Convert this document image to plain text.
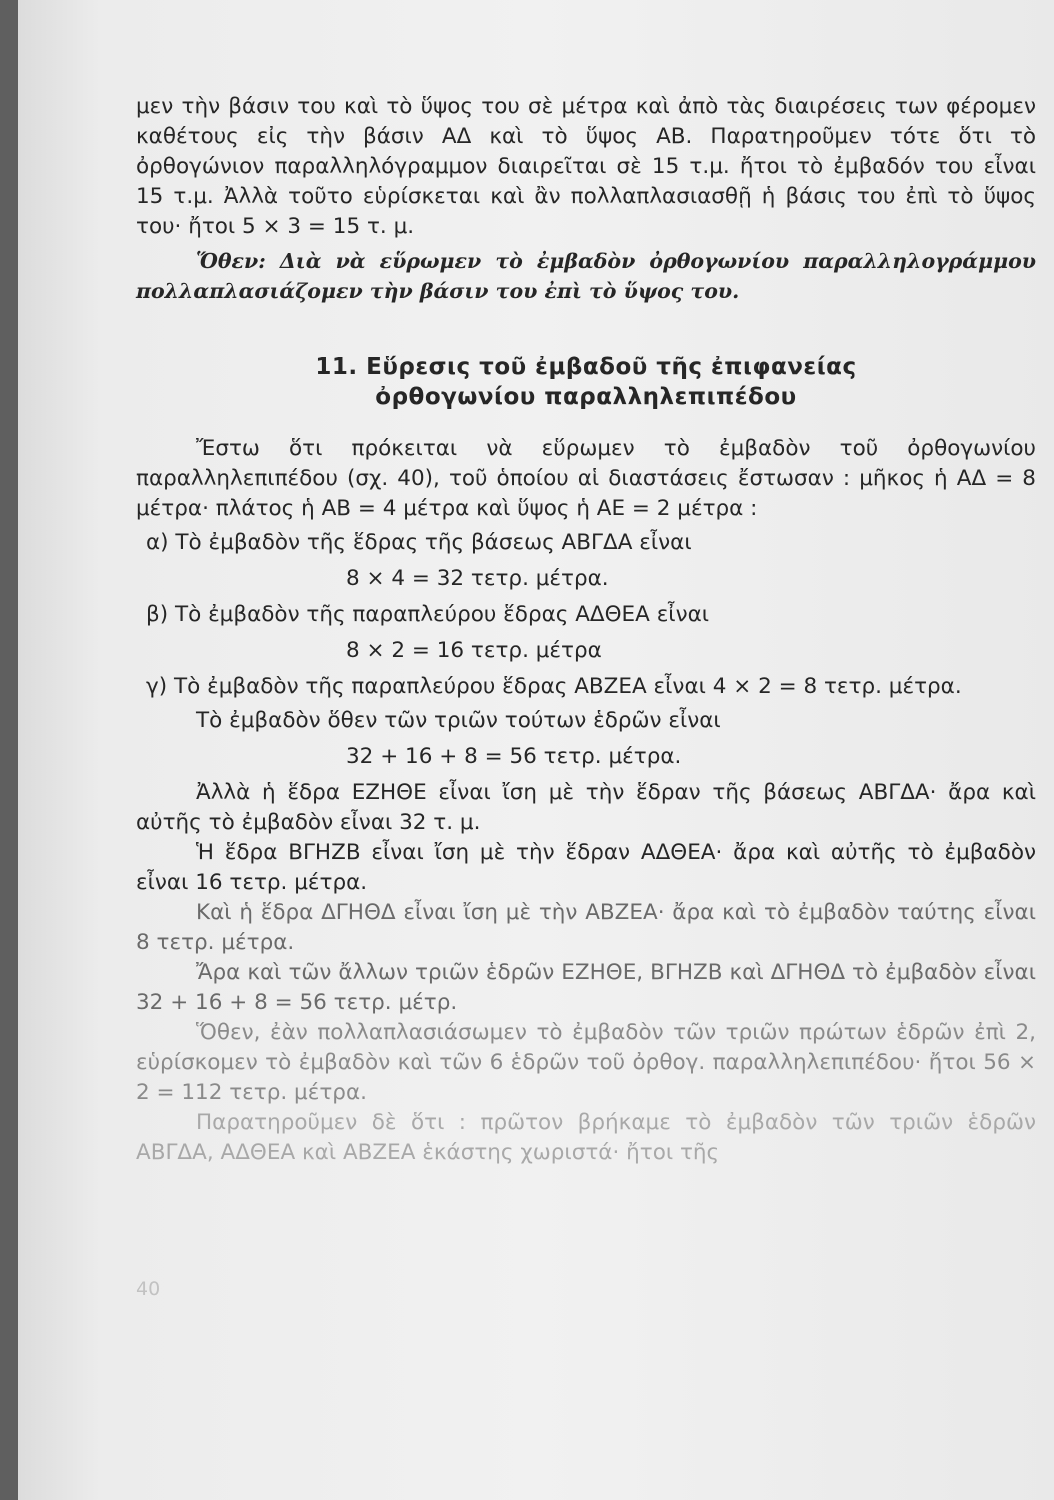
μεν τὴν βάσιν του καὶ τὸ ὕψος του σὲ μέτρα καὶ ἀπὸ τὰς διαιρέσεις των φέρομεν καθέτους εἰς τὴν βάσιν ΑΔ καὶ τὸ ὕψος ΑΒ. Παρατηροῦμεν τότε ὅτι τὸ ὀρθογώνιον παραλληλόγραμμον διαιρεῖται σὲ 15 τ.μ. ἤτοι τὸ ἐμβαδόν του εἶναι 15 τ.μ. Ἀλλὰ τοῦτο εὑρίσκεται καὶ ἂν πολλαπλασιασθῇ ἡ βάσις του ἐπὶ τὸ ὕψος του· ἤτοι 5 × 3 = 15 τ. μ.

Ὅθεν: Διὰ νὰ εὕρωμεν τὸ ἐμβαδὸν ὀρθογωνίου παραλληλογράμμου πολλαπλασιάζομεν τὴν βάσιν του ἐπὶ τὸ ὕψος του.

11. Εὕρεσις τοῦ ἐμβαδοῦ τῆς ἐπιφανείας
ὀρθογωνίου παραλληλεπιπέδου

Ἔστω ὅτι πρόκειται νὰ εὕρωμεν τὸ ἐμβαδὸν τοῦ ὀρθογωνίου παραλληλεπιπέδου (σχ. 40), τοῦ ὁποίου αἱ διαστάσεις ἔστωσαν : μῆκος ἡ ΑΔ = 8 μέτρα· πλάτος ἡ ΑΒ = 4 μέτρα καὶ ὕψος ἡ ΑΕ = 2 μέτρα :

α) Τὸ ἐμβαδὸν τῆς ἕδρας τῆς βάσεως ΑΒΓΔΑ εἶναι

8 × 4 = 32 τετρ. μέτρα.

β) Τὸ ἐμβαδὸν τῆς παραπλεύρου ἕδρας ΑΔΘΕΑ εἶναι

8 × 2 = 16 τετρ. μέτρα

γ) Τὸ ἐμβαδὸν τῆς παραπλεύρου ἕδρας ΑΒΖΕΑ εἶναι 4 × 2 = 8 τετρ. μέτρα.

Τὸ ἐμβαδὸν ὅθεν τῶν τριῶν τούτων ἑδρῶν εἶναι

32 + 16 + 8 = 56 τετρ. μέτρα.

Ἀλλὰ ἡ ἕδρα ΕΖΗΘΕ εἶναι ἴση μὲ τὴν ἕδραν τῆς βάσεως ΑΒΓΔΑ· ἄρα καὶ αὐτῆς τὸ ἐμβαδὸν εἶναι 32 τ. μ.

Ἡ ἕδρα ΒΓΗΖΒ εἶναι ἴση μὲ τὴν ἕδραν ΑΔΘΕΑ· ἄρα καὶ αὐτῆς τὸ ἐμβαδὸν εἶναι 16 τετρ. μέτρα.

Καὶ ἡ ἕδρα ΔΓΗΘΔ εἶναι ἴση μὲ τὴν ΑΒΖΕΑ· ἄρα καὶ τὸ ἐμβαδὸν ταύτης εἶναι 8 τετρ. μέτρα.

Ἄρα καὶ τῶν ἄλλων τριῶν ἑδρῶν ΕΖΗΘΕ, ΒΓΗΖΒ καὶ ΔΓΗΘΔ τὸ ἐμβαδὸν εἶναι 32 + 16 + 8 = 56 τετρ. μέτρ.

Ὅθεν, ἐὰν πολλαπλασιάσωμεν τὸ ἐμβαδὸν τῶν τριῶν πρώτων ἑδρῶν ἐπὶ 2, εὑρίσκομεν τὸ ἐμβαδὸν καὶ τῶν 6 ἑδρῶν τοῦ ὀρθογ. παραλληλεπιπέδου· ἤτοι 56 × 2 = 112 τετρ. μέτρα.

Παρατηροῦμεν δὲ ὅτι : πρῶτον βρήκαμε τὸ ἐμβαδὸν τῶν τριῶν ἑδρῶν ΑΒΓΔΑ, ΑΔΘΕΑ καὶ ΑΒΖΕΑ ἑκάστης χωριστά· ἤτοι τῆς

40
